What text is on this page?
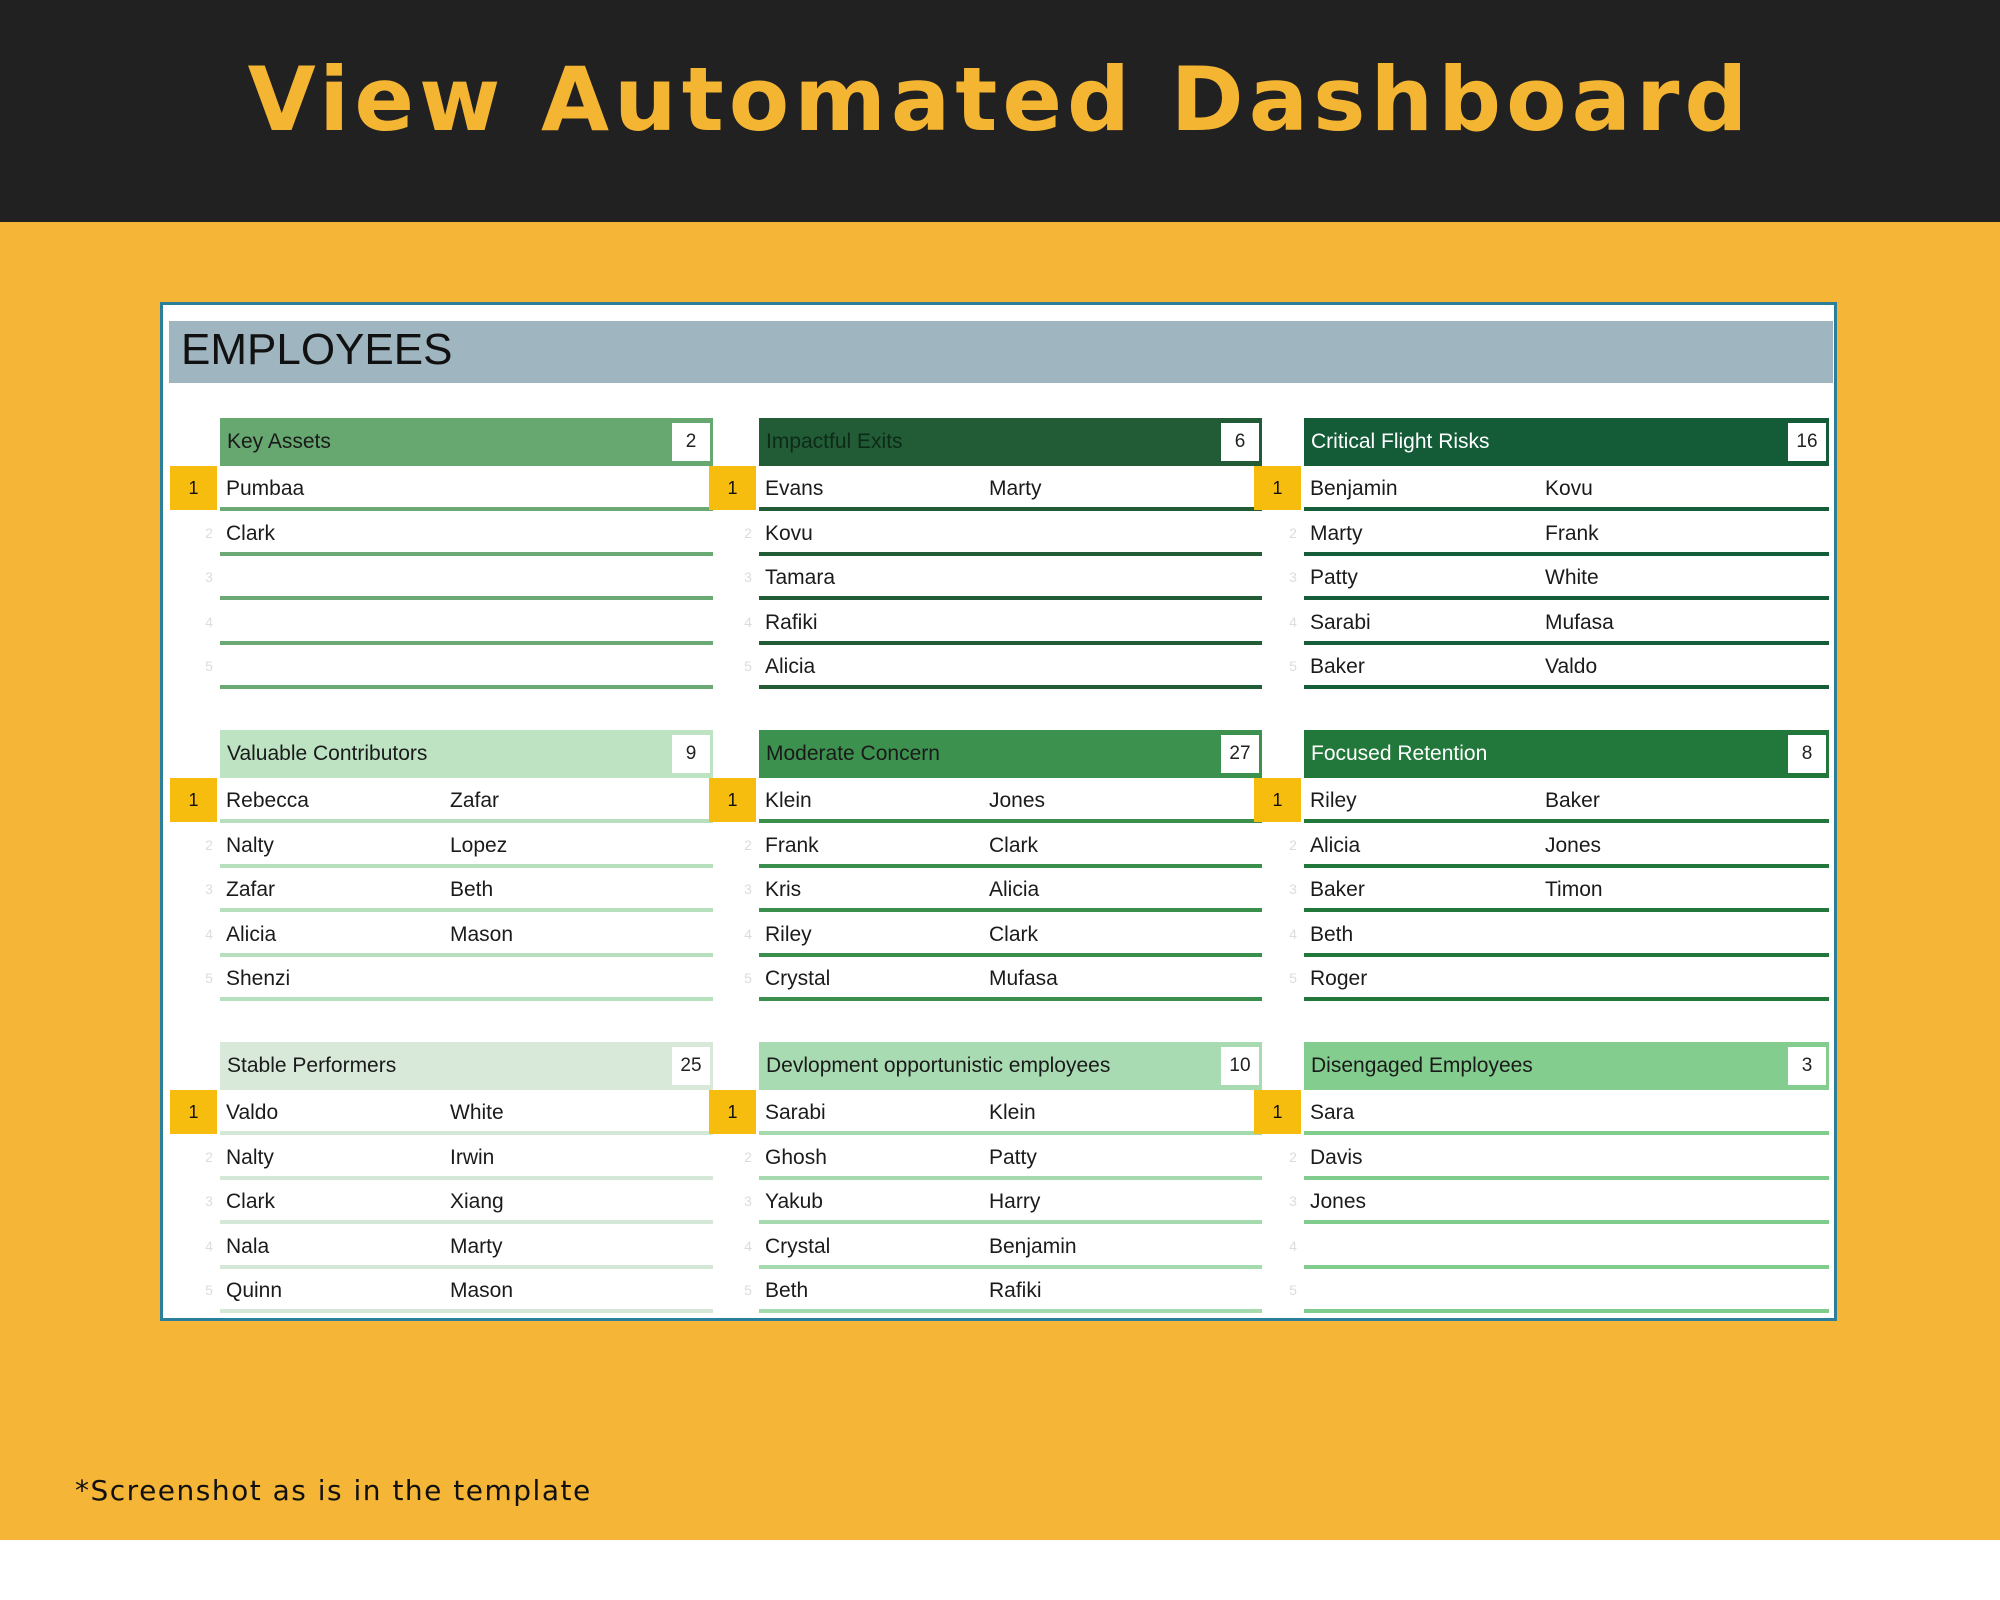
View Automated Dashboard
EMPLOYEES
Key Assets	2
1	Pumbaa
2 Clark
3
4
5
Impactful Exits	6
1	Evans	Marty
2 Kovu
3 Tamara
4 Rafiki
5 Alicia
Critical Flight Risks	16
1	Benjamin	Kovu
2 Marty	Frank
3 Patty	White
4 Sarabi	Mufasa
5 Baker	Valdo
Valuable Contributors	9
1	Rebecca	Zafar
2 Nalty	Lopez
3 Zafar	Beth
4 Alicia	Mason
5 Shenzi
Moderate Concern	27
1	Klein	Jones
2 Frank	Clark
3 Kris	Alicia
4 Riley	Clark
5 Crystal	Mufasa
Focused Retention	8
1	Riley	Baker
2 Alicia	Jones
3 Baker	Timon
4 Beth
5 Roger
Stable Performers	25
1	Valdo	White
2 Nalty	Irwin
3 Clark	Xiang
4 Nala	Marty
5 Quinn	Mason
Devlopment opportunistic employees	10
1	Sarabi	Klein
2 Ghosh	Patty
3 Yakub	Harry
4 Crystal	Benjamin
5 Beth	Rafiki
Disengaged Employees	3
1	Sara
2 Davis
3 Jones
4
5
*Screenshot as is in the template
